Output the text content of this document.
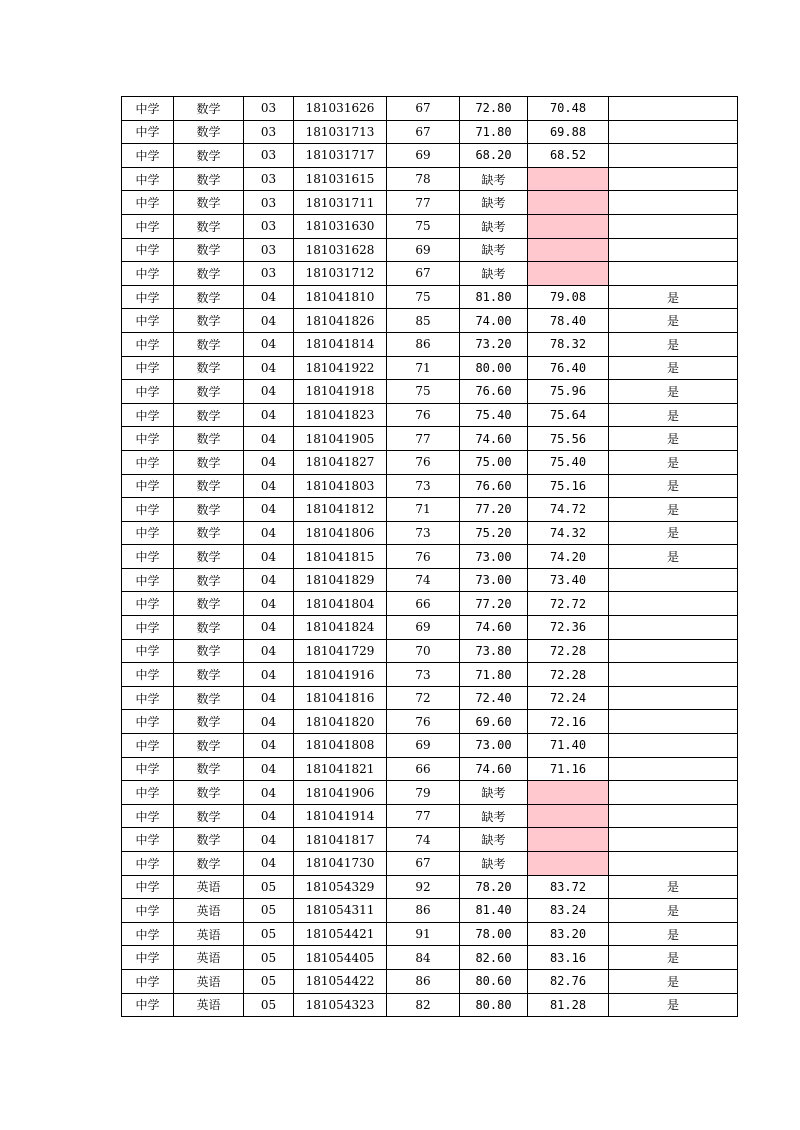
中学	数学	03	181031626	67	72.80	70.48	
中学	数学	03	181031713	67	71.80	69.88	
中学	数学	03	181031717	69	68.20	68.52	
中学	数学	03	181031615	78	缺考		
中学	数学	03	181031711	77	缺考		
中学	数学	03	181031630	75	缺考		
中学	数学	03	181031628	69	缺考		
中学	数学	03	181031712	67	缺考		
中学	数学	04	181041810	75	81.80	79.08	是
中学	数学	04	181041826	85	74.00	78.40	是
中学	数学	04	181041814	86	73.20	78.32	是
中学	数学	04	181041922	71	80.00	76.40	是
中学	数学	04	181041918	75	76.60	75.96	是
中学	数学	04	181041823	76	75.40	75.64	是
中学	数学	04	181041905	77	74.60	75.56	是
中学	数学	04	181041827	76	75.00	75.40	是
中学	数学	04	181041803	73	76.60	75.16	是
中学	数学	04	181041812	71	77.20	74.72	是
中学	数学	04	181041806	73	75.20	74.32	是
中学	数学	04	181041815	76	73.00	74.20	是
中学	数学	04	181041829	74	73.00	73.40	
中学	数学	04	181041804	66	77.20	72.72	
中学	数学	04	181041824	69	74.60	72.36	
中学	数学	04	181041729	70	73.80	72.28	
中学	数学	04	181041916	73	71.80	72.28	
中学	数学	04	181041816	72	72.40	72.24	
中学	数学	04	181041820	76	69.60	72.16	
中学	数学	04	181041808	69	73.00	71.40	
中学	数学	04	181041821	66	74.60	71.16	
中学	数学	04	181041906	79	缺考		
中学	数学	04	181041914	77	缺考		
中学	数学	04	181041817	74	缺考		
中学	数学	04	181041730	67	缺考		
中学	英语	05	181054329	92	78.20	83.72	是
中学	英语	05	181054311	86	81.40	83.24	是
中学	英语	05	181054421	91	78.00	83.20	是
中学	英语	05	181054405	84	82.60	83.16	是
中学	英语	05	181054422	86	80.60	82.76	是
中学	英语	05	181054323	82	80.80	81.28	是
